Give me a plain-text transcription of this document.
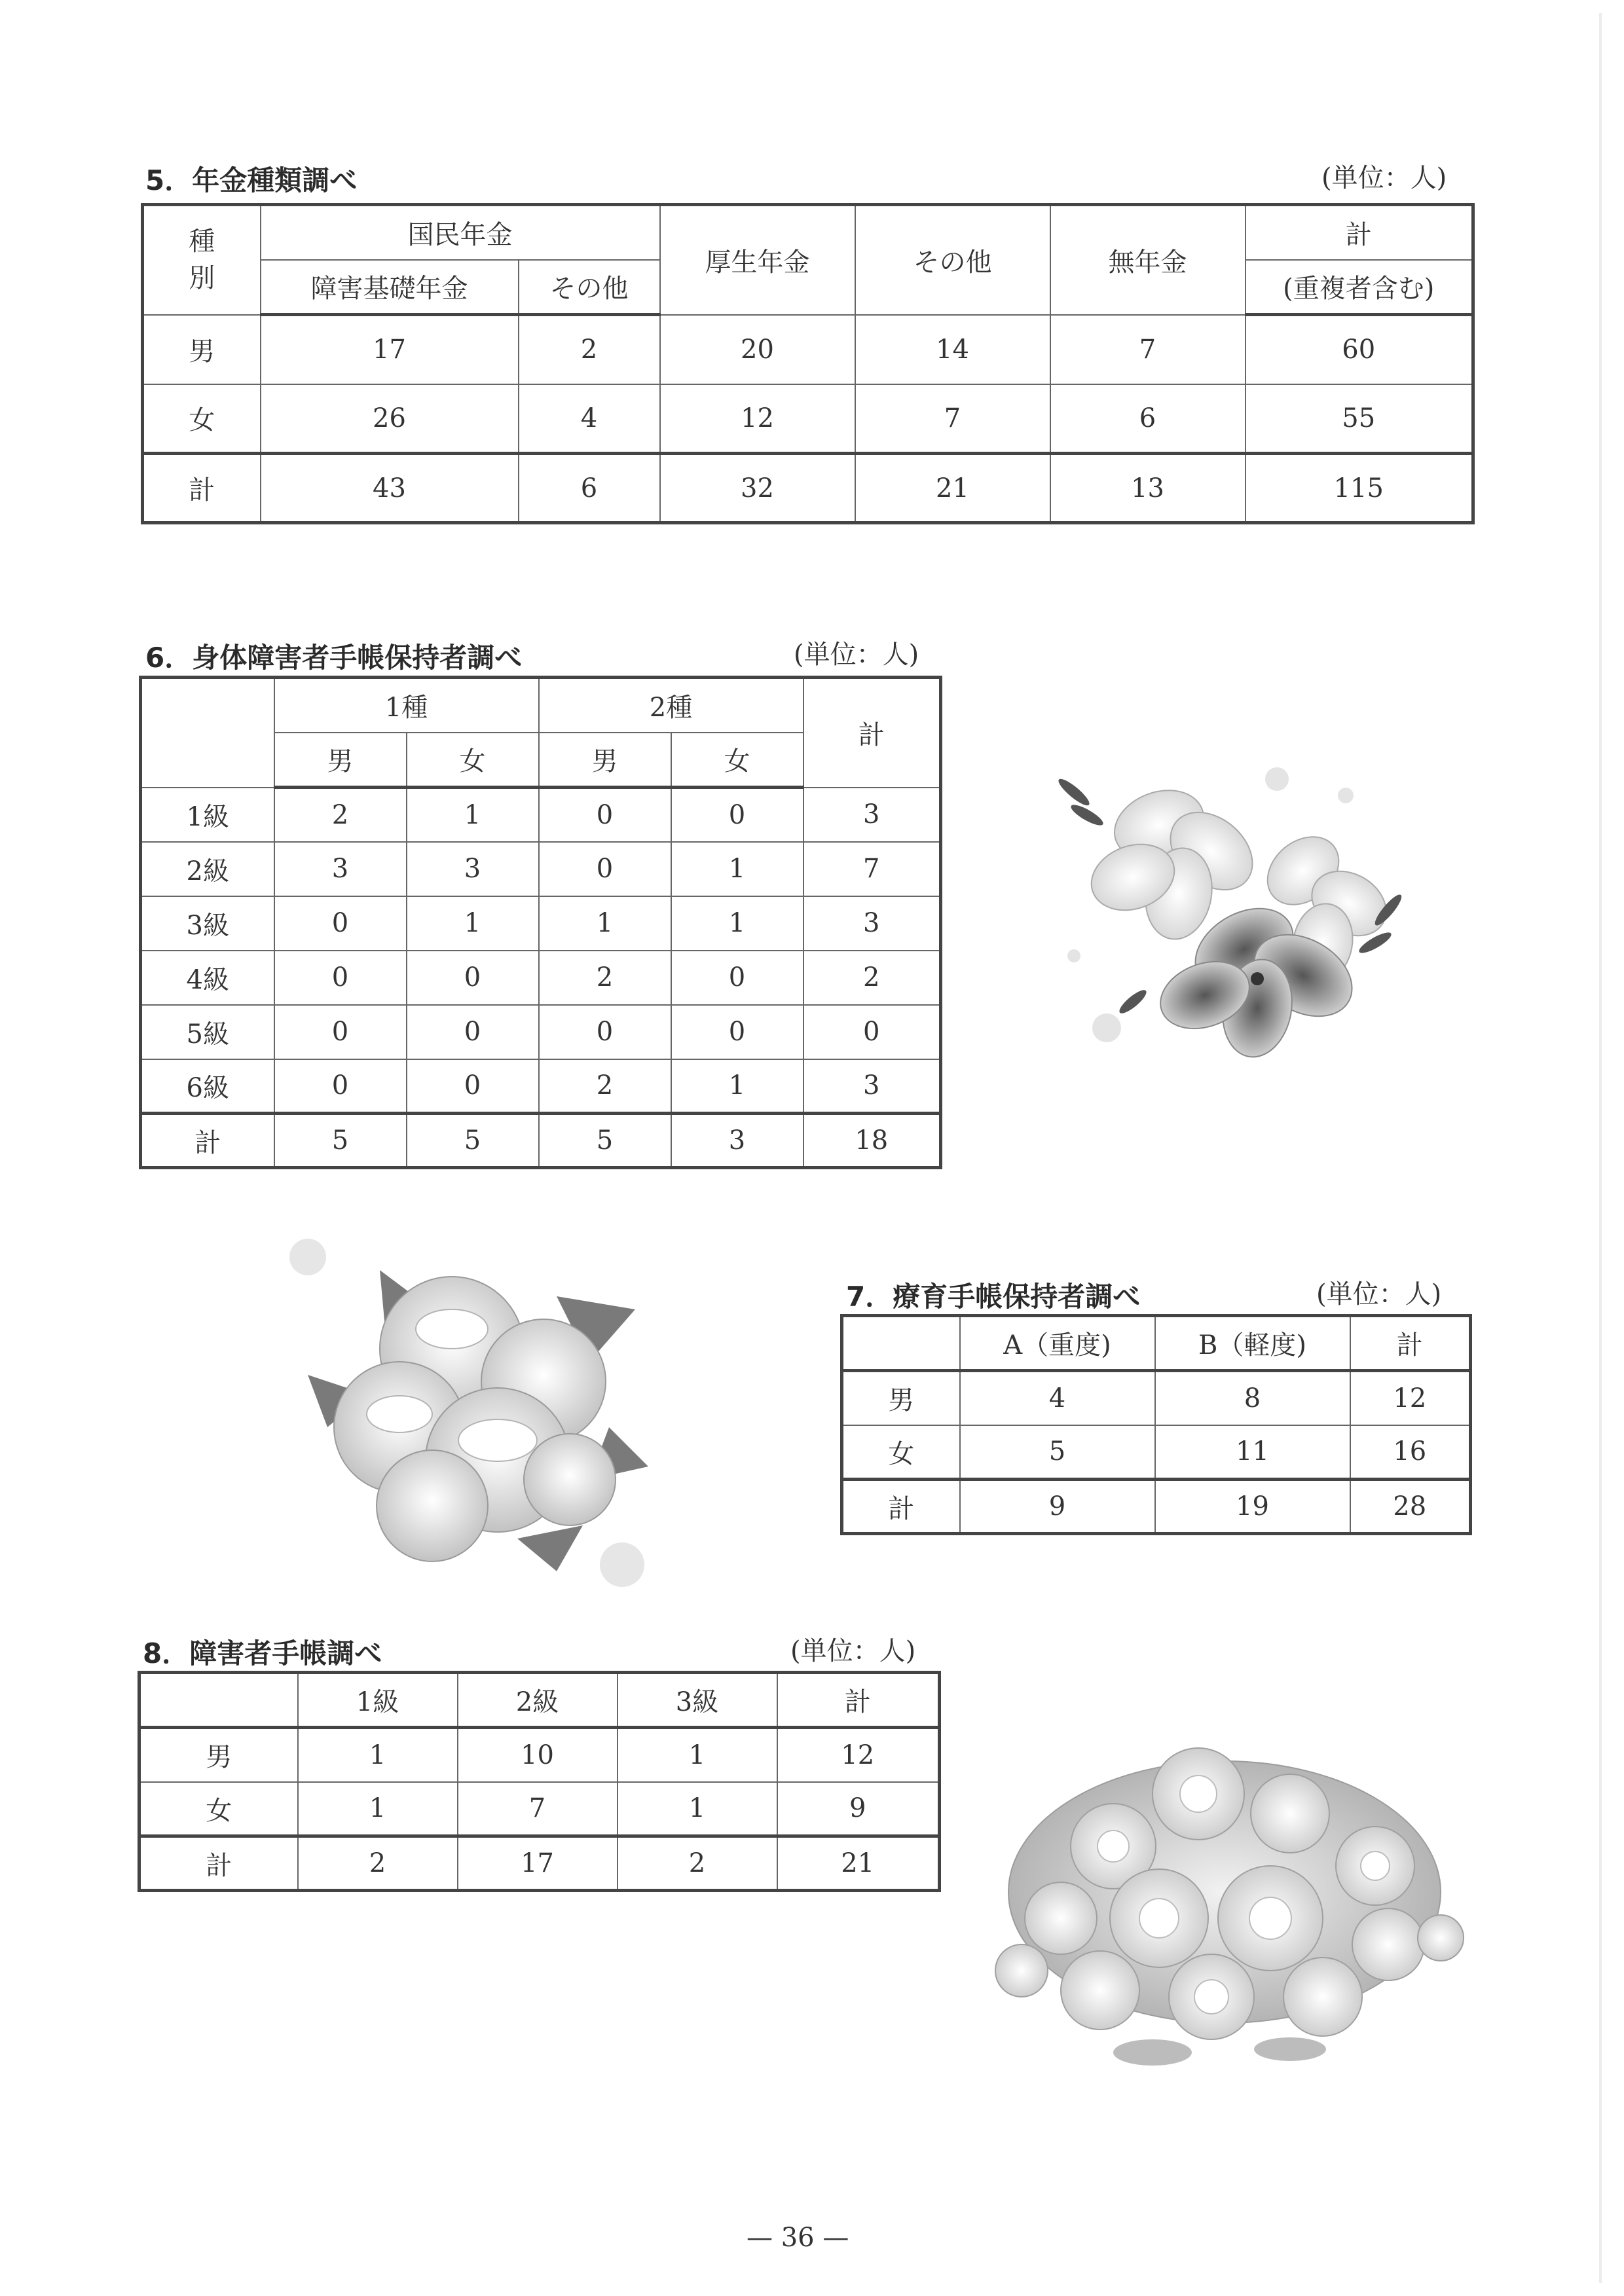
5．年金種類調べ	(単位：人)
種
別	国民年金		厚生年金	その他	無年金	計
	障害基礎年金	その他				(重複者含む)
男	17	2	20	14	7	60
女	26	4	12	7	6	55
計	43	6	32	21	13	115
6．身体障害者手帳保持者調べ	(単位：人)
	1種		2種		計
	男	女	男	女	
1級	2	1	0	0	3
2級	3	3	0	1	7
3級	0	1	1	1	3
4級	0	0	2	0	2
5級	0	0	0	0	0
6級	0	0	2	1	3
計	5	5	5	3	18
7．療育手帳保持者調べ	(単位：人)
	A（重度)	B（軽度)	計
男	4	8	12
女	5	11	16
計	9	19	28
8．障害者手帳調べ	(単位：人)
	1級	2級	3級	計
男	1	10	1	12
女	1	7	1	9
計	2	17	2	21
— 36 —
